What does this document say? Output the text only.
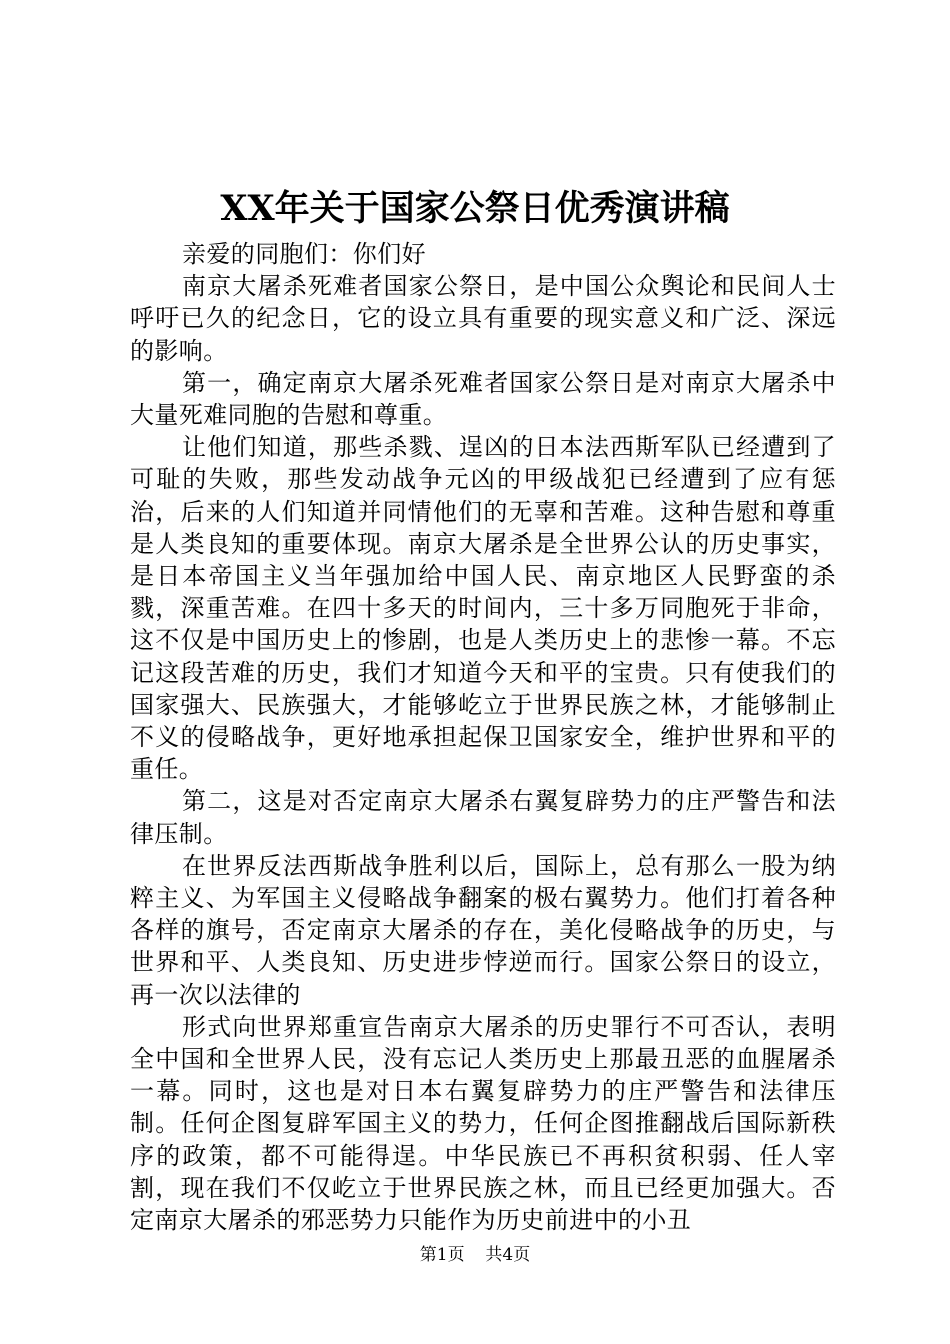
XX年关于国家公祭日优秀演讲稿

亲爱的同胞们：你们好

南京大屠杀死难者国家公祭日，是中国公众舆论和民间人士呼吁已久的纪念日，它的设立具有重要的现实意义和广泛、深远的影响。

第一，确定南京大屠杀死难者国家公祭日是对南京大屠杀中大量死难同胞的告慰和尊重。

让他们知道，那些杀戮、逞凶的日本法西斯军队已经遭到了可耻的失败，那些发动战争元凶的甲级战犯已经遭到了应有惩治，后来的人们知道并同情他们的无辜和苦难。这种告慰和尊重是人类良知的重要体现。南京大屠杀是全世界公认的历史事实，是日本帝国主义当年强加给中国人民、南京地区人民野蛮的杀戮，深重苦难。在四十多天的时间内，三十多万同胞死于非命，这不仅是中国历史上的惨剧，也是人类历史上的悲惨一幕。不忘记这段苦难的历史，我们才知道今天和平的宝贵。只有使我们的国家强大、民族强大，才能够屹立于世界民族之林，才能够制止不义的侵略战争，更好地承担起保卫国家安全，维护世界和平的重任。

第二，这是对否定南京大屠杀右翼复辟势力的庄严警告和法律压制。

在世界反法西斯战争胜利以后，国际上，总有那么一股为纳粹主义、为军国主义侵略战争翻案的极右翼势力。他们打着各种各样的旗号，否定南京大屠杀的存在，美化侵略战争的历史，与世界和平、人类良知、历史进步悖逆而行。国家公祭日的设立，再一次以法律的

形式向世界郑重宣告南京大屠杀的历史罪行不可否认，表明全中国和全世界人民，没有忘记人类历史上那最丑恶的血腥屠杀一幕。同时，这也是对日本右翼复辟势力的庄严警告和法律压制。任何企图复辟军国主义的势力，任何企图推翻战后国际新秩序的政策，都不可能得逞。中华民族已不再积贫积弱、任人宰割，现在我们不仅屹立于世界民族之林，而且已经更加强大。否定南京大屠杀的邪恶势力只能作为历史前进中的小丑

第1页 共4页
